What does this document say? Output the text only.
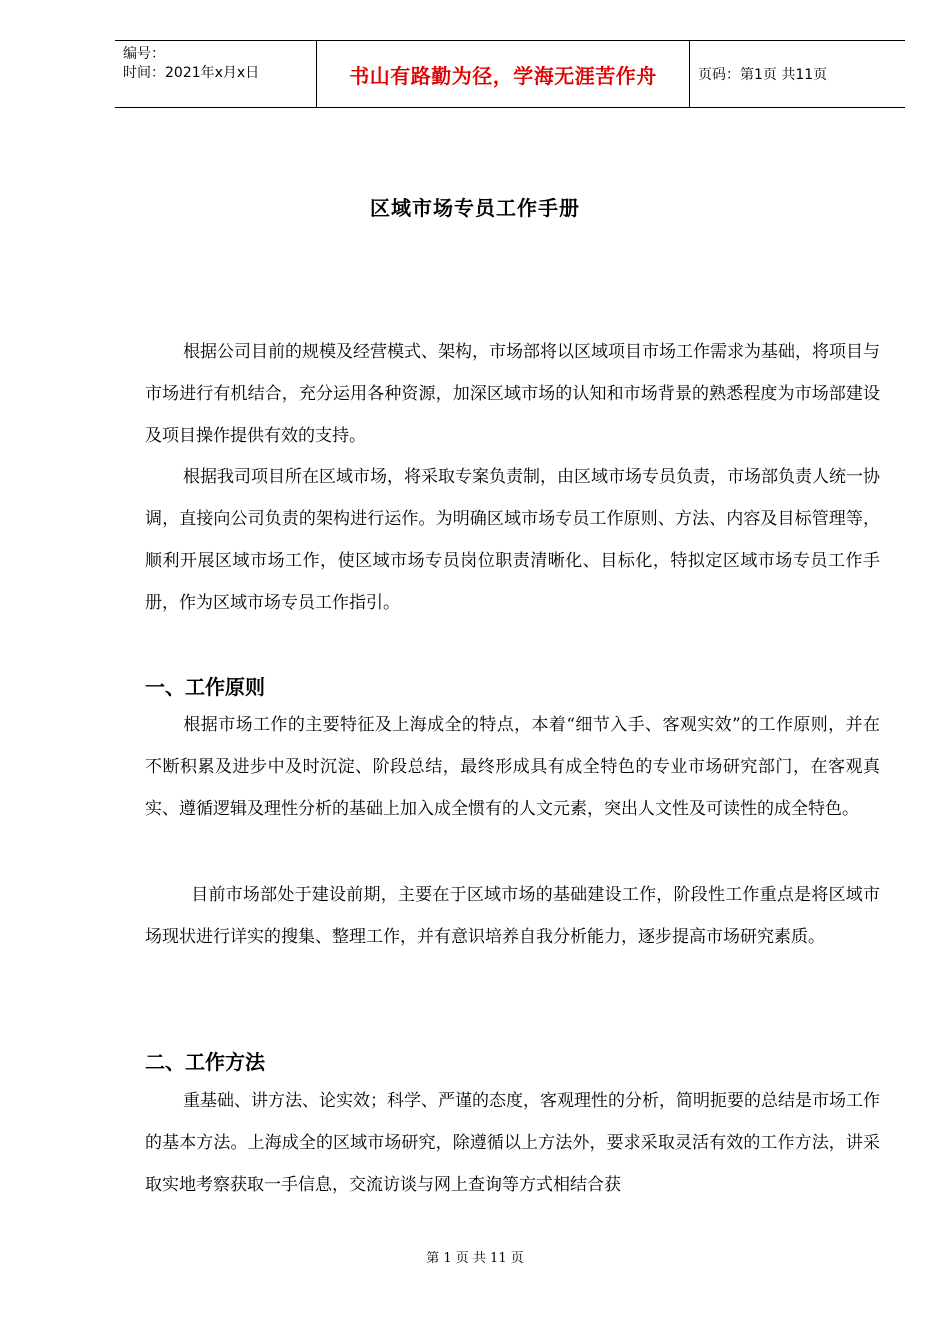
编号：
时间：2021年x月x日	书山有路勤为径，学海无涯苦作舟	页码：第1页 共11页
区域市场专员工作手册

根据公司目前的规模及经营模式、架构，市场部将以区域项目市场工作需求为基础，将项目与市场进行有机结合，充分运用各种资源，加深区域市场的认知和市场背景的熟悉程度为市场部建设及项目操作提供有效的支持。

根据我司项目所在区域市场，将采取专案负责制，由区域市场专员负责，市场部负责人统一协调，直接向公司负责的架构进行运作。为明确区域市场专员工作原则、方法、内容及目标管理等，顺利开展区域市场工作，使区域市场专员岗位职责清晰化、目标化，特拟定区域市场专员工作手册，作为区域市场专员工作指引。

一、工作原则

根据市场工作的主要特征及上海成全的特点，本着“细节入手、客观实效”的工作原则，并在不断积累及进步中及时沉淀、阶段总结，最终形成具有成全特色的专业市场研究部门，在客观真实、遵循逻辑及理性分析的基础上加入成全惯有的人文元素，突出人文性及可读性的成全特色。

目前市场部处于建设前期，主要在于区域市场的基础建设工作，阶段性工作重点是将区域市场现状进行详实的搜集、整理工作，并有意识培养自我分析能力，逐步提高市场研究素质。

二、工作方法

重基础、讲方法、论实效；科学、严谨的态度，客观理性的分析，简明扼要的总结是市场工作的基本方法。上海成全的区域市场研究，除遵循以上方法外，要求采取灵活有效的工作方法，讲采取实地考察获取一手信息，交流访谈与网上查询等方式相结合获

第 1 页 共 11 页
